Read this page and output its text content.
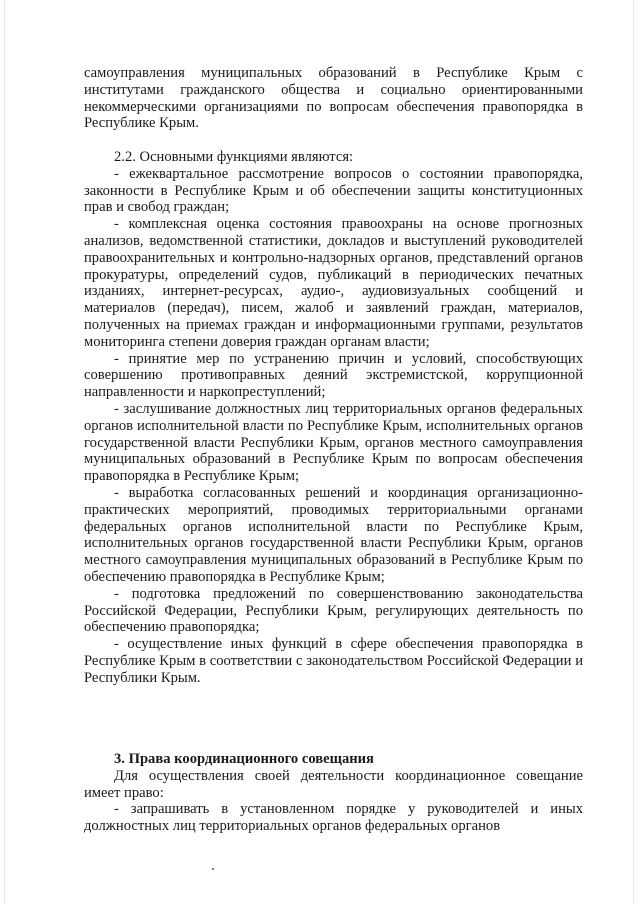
самоуправления муниципальных образований в Республике Крым с институтами гражданского общества и социально ориентированными некоммерческими организациями по вопросам обеспечения правопорядка в Республике Крым.

2.2. Основными функциями являются:

- ежеквартальное рассмотрение вопросов о состоянии правопорядка, законности в Республике Крым и об обеспечении защиты конституционных прав и свобод граждан;

- комплексная оценка состояния правоохраны на основе прогнозных анализов, ведомственной статистики, докладов и выступлений руководителей правоохранительных и контрольно-надзорных органов, представлений органов прокуратуры, определений судов, публикаций в периодических печатных изданиях, интернет-ресурсах, аудио-, аудиовизуальных сообщений и материалов (передач), писем, жалоб и заявлений граждан, материалов, полученных на приемах граждан и информационными группами, результатов мониторинга степени доверия граждан органам власти;

- принятие мер по устранению причин и условий, способствующих совершению противоправных деяний экстремистской, коррупционной направленности и наркопреступлений;

- заслушивание должностных лиц территориальных органов федеральных органов исполнительной власти по Республике Крым, исполнительных органов государственной власти Республики Крым, органов местного самоуправления муниципальных образований в Республике Крым по вопросам обеспечения правопорядка в Республике Крым;

- выработка согласованных решений и координация организационно-практических мероприятий, проводимых территориальными органами федеральных органов исполнительной власти по Республике Крым, исполнительных органов государственной власти Республики Крым, органов местного самоуправления муниципальных образований в Республике Крым по обеспечению правопорядка в Республике Крым;

- подготовка предложений по совершенствованию законодательства Российской Федерации, Республики Крым, регулирующих деятельность по обеспечению правопорядка;

- осуществление иных функций в сфере обеспечения правопорядка в Республике Крым в соответствии с законодательством Российской Федерации и Республики Крым.

3. Права координационного совещания

Для осуществления своей деятельности координационное совещание имеет право:

- запрашивать в установленном порядке у руководителей и иных должностных лиц территориальных органов федеральных органов
